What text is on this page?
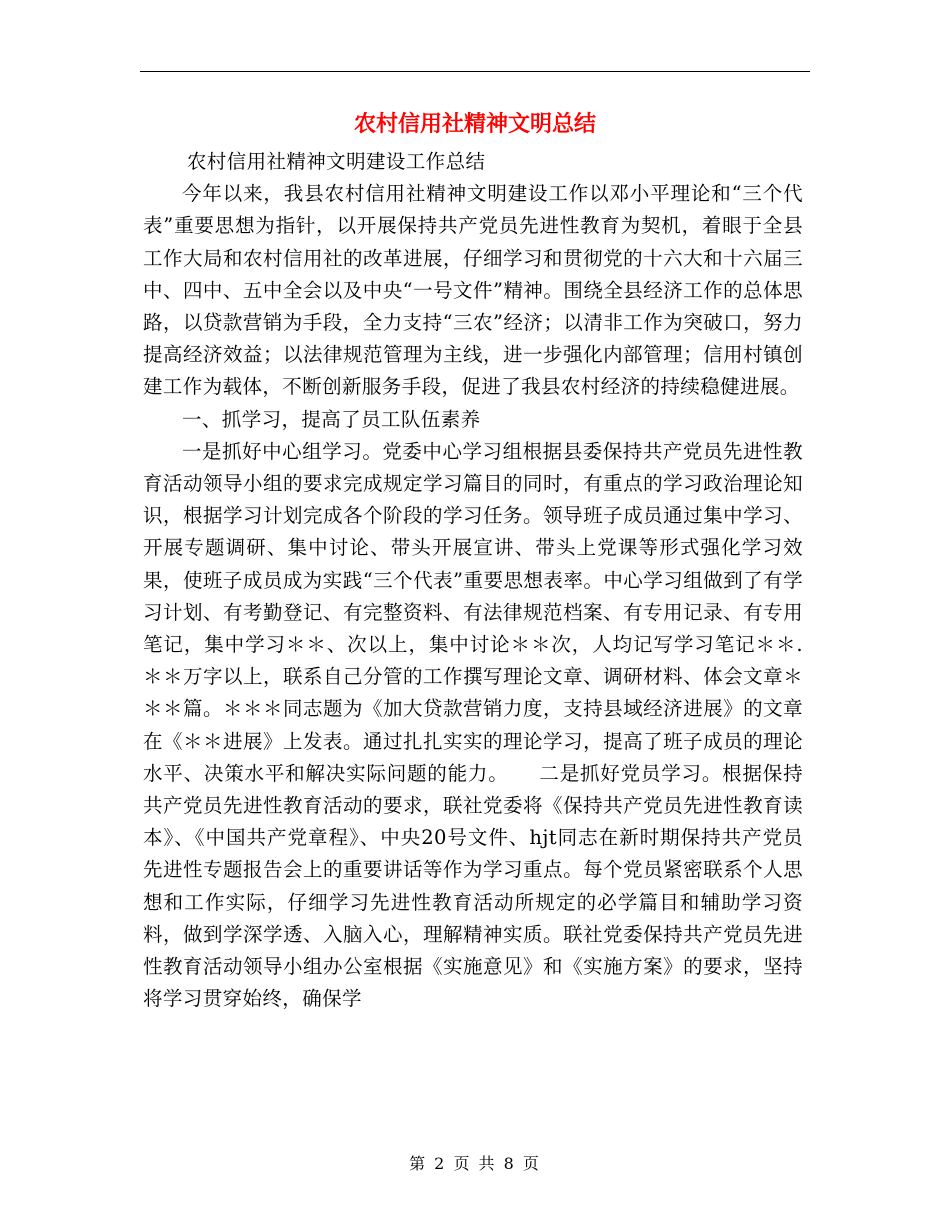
农村信用社精神文明总结

农村信用社精神文明建设工作总结

今年以来，我县农村信用社精神文明建设工作以邓小平理论和“三个代表”重要思想为指针，以开展保持共产党员先进性教育为契机，着眼于全县工作大局和农村信用社的改革进展，仔细学习和贯彻党的十六大和十六届三中、四中、五中全会以及中央“一号文件”精神。围绕全县经济工作的总体思路，以贷款营销为手段，全力支持“三农”经济；以清非工作为突破口，努力提高经济效益；以法律规范管理为主线，进一步强化内部管理；信用村镇创建工作为载体，不断创新服务手段，促进了我县农村经济的持续稳健进展。

一、抓学习，提高了员工队伍素养

一是抓好中心组学习。党委中心学习组根据县委保持共产党员先进性教育活动领导小组的要求完成规定学习篇目的同时，有重点的学习政治理论知识，根据学习计划完成各个阶段的学习任务。领导班子成员通过集中学习、开展专题调研、集中讨论、带头开展宣讲、带头上党课等形式强化学习效果，使班子成员成为实践“三个代表”重要思想表率。中心学习组做到了有学习计划、有考勤登记、有完整资料、有法律规范档案、有专用记录、有专用笔记，集中学习＊＊、次以上，集中讨论＊＊次，人均记写学习笔记＊＊.＊＊万字以上，联系自己分管的工作撰写理论文章、调研材料、体会文章＊＊＊篇。＊＊＊同志题为《加大贷款营销力度，支持县域经济进展》的文章在《＊＊进展》上发表。通过扎扎实实的理论学习，提高了班子成员的理论水平、决策水平和解决实际问题的能力。　　二是抓好党员学习。根据保持共产党员先进性教育活动的要求，联社党委将《保持共产党员先进性教育读本》、《中国共产党章程》、中央20号文件、hjt同志在新时期保持共产党员先进性专题报告会上的重要讲话等作为学习重点。每个党员紧密联系个人思想和工作实际，仔细学习先进性教育活动所规定的必学篇目和辅助学习资料，做到学深学透、入脑入心，理解精神实质。联社党委保持共产党员先进性教育活动领导小组办公室根据《实施意见》和《实施方案》的要求，坚持将学习贯穿始终，确保学

第 2 页 共 8 页
